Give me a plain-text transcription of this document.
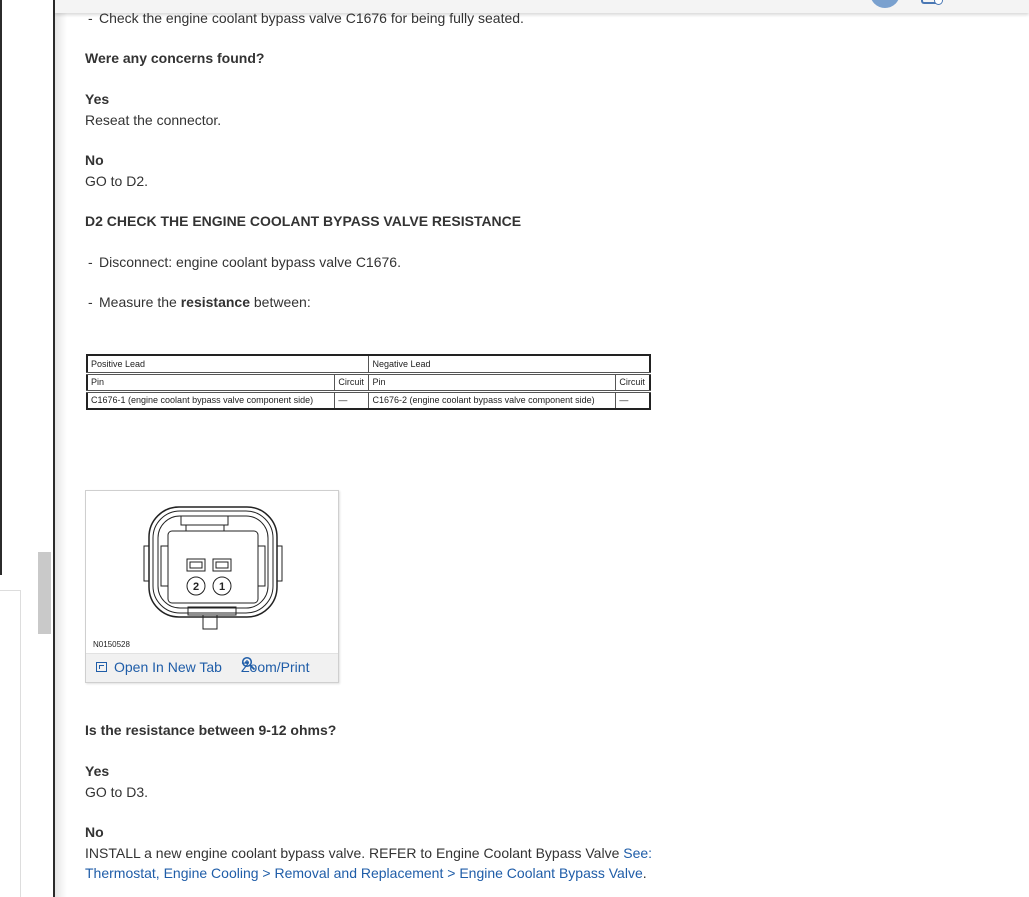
- Check the engine coolant bypass valve C1676 for being fully seated.
Were any concerns found?
Yes
Reseat the connector.
No
GO to D2.
D2 CHECK THE ENGINE COOLANT BYPASS VALVE RESISTANCE
- Disconnect: engine coolant bypass valve C1676.
- Measure the resistance between:
Positive Lead		Negative Lead	
Pin	Circuit	Pin	Circuit
C1676-1 (engine coolant bypass valve component side)	—	C1676-2 (engine coolant bypass valve component side)	—
2 1
N0150528
Open In New Tab Zoom/Print
Is the resistance between 9-12 ohms?
Yes
GO to D3.
No
INSTALL a new engine coolant bypass valve. REFER to Engine Coolant Bypass Valve See:
Thermostat, Engine Cooling > Removal and Replacement > Engine Coolant Bypass Valve.
